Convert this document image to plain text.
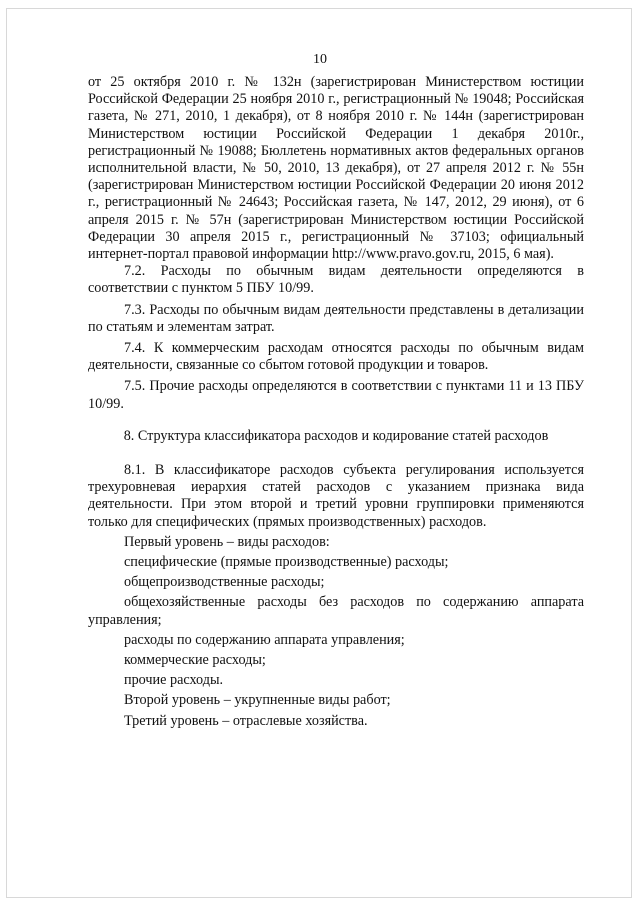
10

от 25 октября 2010 г. № 132н (зарегистрирован Министерством юстиции Российской Федерации 25 ноября 2010 г., регистрационный № 19048; Российская газета, № 271, 2010, 1 декабря), от 8 ноября 2010 г. № 144н (зарегистрирован Министерством юстиции Российской Федерации 1 декабря 2010г., регистрационный № 19088; Бюллетень нормативных актов федеральных органов исполнительной власти, № 50, 2010, 13 декабря), от 27 апреля 2012 г. № 55н (зарегистрирован Министерством юстиции Российской Федерации 20 июня 2012 г., регистрационный № 24643; Российская газета, № 147, 2012, 29 июня), от 6 апреля 2015 г. № 57н (зарегистрирован Министерством юстиции Российской Федерации 30 апреля 2015 г., регистрационный № 37103; официальный интернет-портал правовой информации http://www.pravo.gov.ru, 2015, 6 мая).

7.2. Расходы по обычным видам деятельности определяются в соответствии с пунктом 5 ПБУ 10/99.

7.3. Расходы по обычным видам деятельности представлены в детализации по статьям и элементам затрат.

7.4. К коммерческим расходам относятся расходы по обычным видам деятельности, связанные со сбытом готовой продукции и товаров.

7.5. Прочие расходы определяются в соответствии с пунктами 11 и 13 ПБУ 10/99.

8. Структура классификатора расходов и кодирование статей расходов

8.1. В классификаторе расходов субъекта регулирования используется трехуровневая иерархия статей расходов с указанием признака вида деятельности. При этом второй и третий уровни группировки применяются только для специфических (прямых производственных) расходов.

Первый уровень – виды расходов:

специфические (прямые производственные) расходы;

общепроизводственные расходы;

общехозяйственные расходы без расходов по содержанию аппарата управления;

расходы по содержанию аппарата управления;

коммерческие расходы;

прочие расходы.

Второй уровень – укрупненные виды работ;

Третий уровень – отраслевые хозяйства.
